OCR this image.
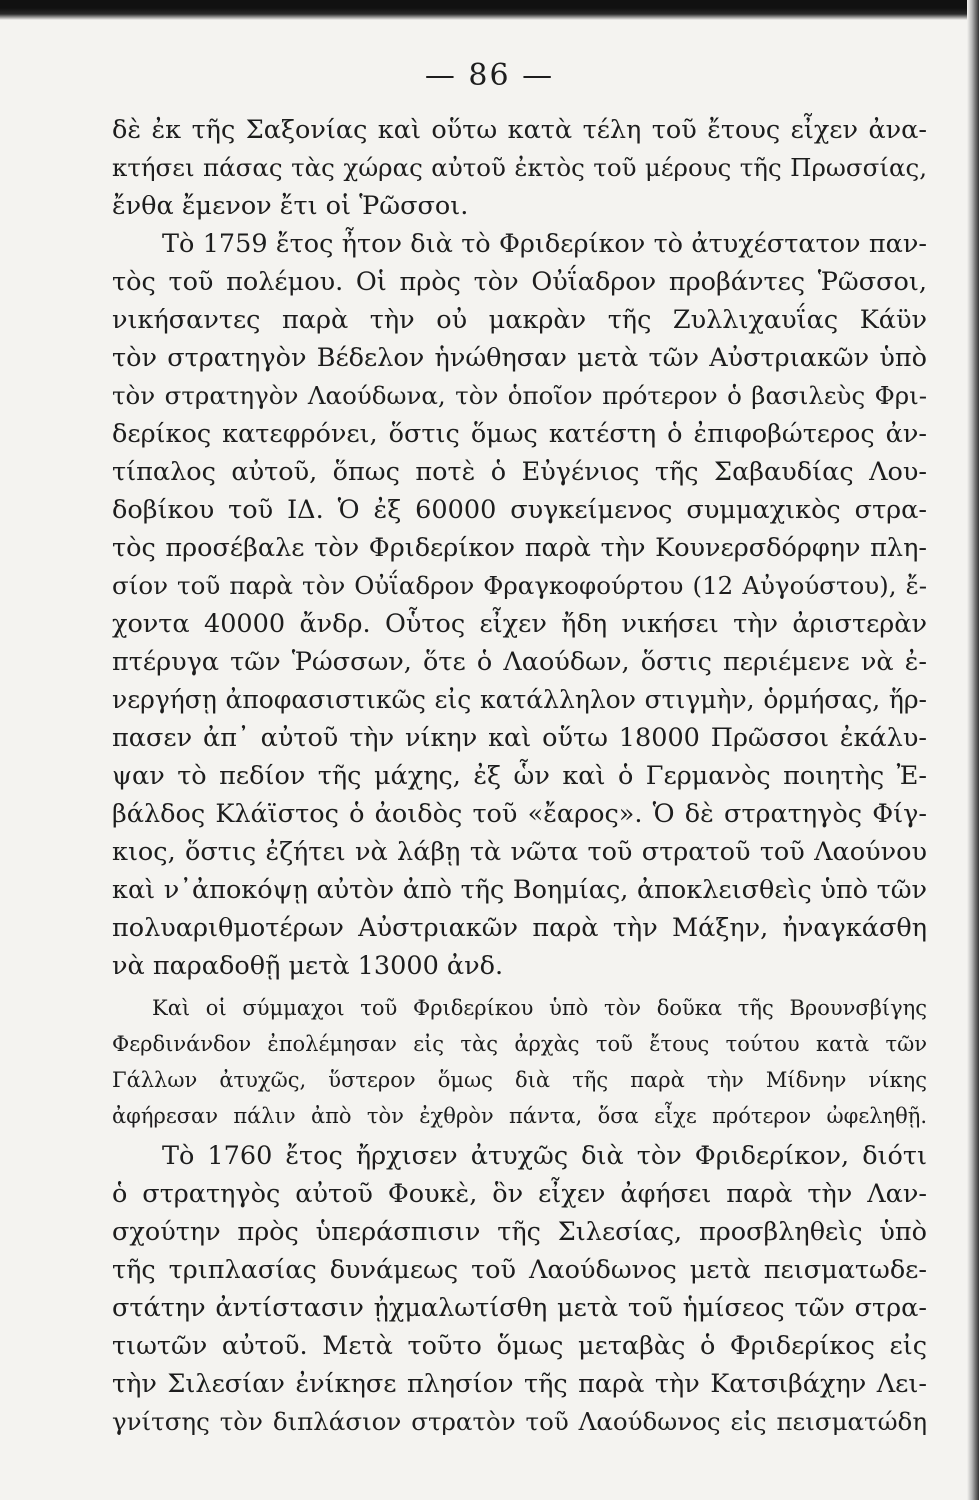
— 86 —
δὲ ἐκ τῆς Σαξονίας καὶ οὕτω κατὰ τέλη τοῦ ἔτους εἶχεν ἀνα-
κτήσει πάσας τὰς χώρας αὐτοῦ ἐκτὸς τοῦ μέρους τῆς Πρωσσίας,
ἔνθα ἔμενον ἔτι οἱ Ῥῶσσοι.
Τὸ 1759 ἔτος ἦτον διὰ τὸ Φριδερίκον τὸ ἀτυχέστατον παν-
τὸς τοῦ πολέμου. Οἱ πρὸς τὸν Οὐΐαδρον προβάντες Ῥῶσσοι,
νικήσαντες παρὰ τὴν οὐ μακρὰν τῆς Ζυλλιχαυΐας Κάϋν
τὸν στρατηγὸν Βέδελον ἡνώθησαν μετὰ τῶν Αὐστριακῶν ὑπὸ
τὸν στρατηγὸν Λαούδωνα, τὸν ὁποῖον πρότερον ὁ βασιλεὺς Φρι-
δερίκος κατεφρόνει, ὅστις ὅμως κατέστη ὁ ἐπιφοβώτερος ἀν-
τίπαλος αὐτοῦ, ὅπως ποτὲ ὁ Εὐγένιος τῆς Σαβαυδίας Λου-
δοβίκου τοῦ ΙΔ. Ὁ ἐξ 60000 συγκείμενος συμμαχικὸς στρα-
τὸς προσέβαλε τὸν Φριδερίκον παρὰ τὴν Κουνερσδόρφην πλη-
σίον τοῦ παρὰ τὸν Οὐΐαδρον Φραγκοφούρτου (12 Αὐγούστου), ἔ-
χοντα 40000 ἄνδρ. Οὗτος εἶχεν ἤδη νικήσει τὴν ἀριστερὰν
πτέρυγα τῶν Ῥώσσων, ὅτε ὁ Λαούδων, ὅστις περιέμενε νὰ ἐ-
νεργήσῃ ἀποφασιστικῶς εἰς κατάλληλον στιγμὴν, ὁρμήσας, ἥρ-
πασεν ἀπ᾽ αὐτοῦ τὴν νίκην καὶ οὕτω 18000 Πρῶσσοι ἐκάλυ-
ψαν τὸ πεδίον τῆς μάχης, ἐξ ὧν καὶ ὁ Γερμανὸς ποιητὴς Ἐ-
βάλδος Κλάϊστος ὁ ἀοιδὸς τοῦ «ἔαρος». Ὁ δὲ στρατηγὸς Φίγ-
κιος, ὅστις ἐζήτει νὰ λάβῃ τὰ νῶτα τοῦ στρατοῦ τοῦ Λαούνου
καὶ ν᾽ἀποκόψῃ αὐτὸν ἀπὸ τῆς Βοημίας, ἀποκλεισθεὶς ὑπὸ τῶν
πολυαριθμοτέρων Αὐστριακῶν παρὰ τὴν Μάξην, ἠναγκάσθη
νὰ παραδοθῇ μετὰ 13000 ἀνδ.
Καὶ οἱ σύμμαχοι τοῦ Φριδερίκου ὑπὸ τὸν δοῦκα τῆς Βρουνσβίγης
Φερδινάνδον ἐπολέμησαν εἰς τὰς ἀρχὰς τοῦ ἔτους τούτου κατὰ τῶν
Γάλλων ἀτυχῶς, ὕστερον ὅμως διὰ τῆς παρὰ τὴν Μίδνην νίκης
ἀφήρεσαν πάλιν ἀπὸ τὸν ἐχθρὸν πάντα, ὅσα εἶχε πρότερον ὠφεληθῇ.
Τὸ 1760 ἔτος ἤρχισεν ἀτυχῶς διὰ τὸν Φριδερίκον, διότι
ὁ στρατηγὸς αὐτοῦ Φουκὲ, ὃν εἶχεν ἀφήσει παρὰ τὴν Λαν-
σχούτην πρὸς ὑπεράσπισιν τῆς Σιλεσίας, προσβληθεὶς ὑπὸ
τῆς τριπλασίας δυνάμεως τοῦ Λαούδωνος μετὰ πεισματωδε-
στάτην ἀντίστασιν ᾐχμαλωτίσθη μετὰ τοῦ ἡμίσεος τῶν στρα-
τιωτῶν αὐτοῦ. Μετὰ τοῦτο ὅμως μεταβὰς ὁ Φριδερίκος εἰς
τὴν Σιλεσίαν ἐνίκησε πλησίον τῆς παρὰ τὴν Κατσιβάχην Λει-
γνίτσης τὸν διπλάσιον στρατὸν τοῦ Λαούδωνος εἰς πεισματώδη
